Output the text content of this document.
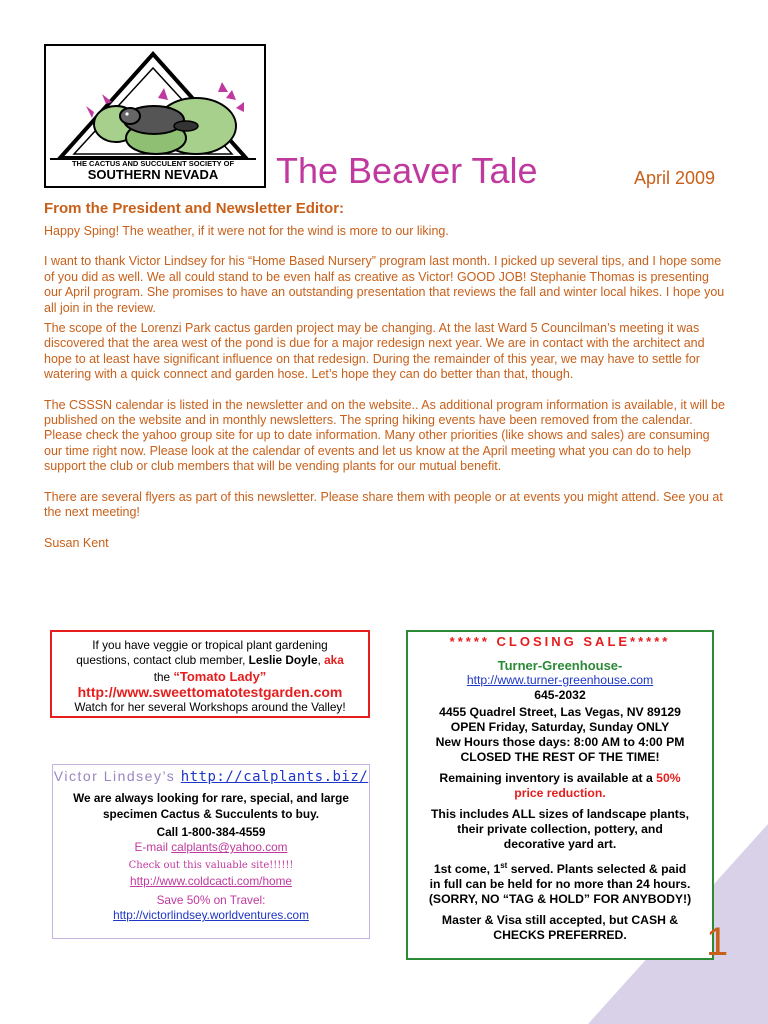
THE CACTUS AND SUCCULENT SOCIETY OF
SOUTHERN NEVADA The Beaver Tale	April 2009
From the President and Newsletter Editor:

Happy Sping! The weather, if it were not for the wind is more to our liking.

I want to thank Victor Lindsey for his “Home Based Nursery” program last month. I picked up several tips, and I hope some of you did as well. We all could stand to be even half as creative as Victor! GOOD JOB! Stephanie Thomas is presenting our April program. She promises to have an outstanding presentation that reviews the fall and winter local hikes. I hope you all join in the review.

The scope of the Lorenzi Park cactus garden project may be changing. At the last Ward 5 Councilman’s meeting it was discovered that the area west of the pond is due for a major redesign next year. We are in contact with the architect and hope to at least have significant influence on that redesign. During the remainder of this year, we may have to settle for watering with a quick connect and garden hose. Let’s hope they can do better than that, though.

The CSSSN calendar is listed in the newsletter and on the website.. As additional program information is available, it will be published on the website and in monthly newsletters. The spring hiking events have been removed from the calendar. Please check the yahoo group site for up to date information. Many other priorities (like shows and sales) are consuming our time right now. Please look at the calendar of events and let us know at the April meeting what you can do to help support the club or club members that will be vending plants for our mutual benefit.

There are several flyers as part of this newsletter. Please share them with people or at events you might attend. See you at the next meeting!

Susan Kent

If you have veggie or tropical plant gardening
questions, contact club member, Leslie Doyle, aka
the “Tomato Lady”
http://www.sweettomatotestgarden.com
Watch for her several Workshops around the Valley!
Victor Lindsey’s http://calplants.biz/
We are always looking for rare, special, and large
specimen Cactus & Succulents to buy.
Call 1-800-384-4559
E-mail calplants@yahoo.com
Check out this valuable site!!!!!!
http://www.coldcacti.com/home
Save 50% on Travel:
http://victorlindsey.worldventures.com
***** CLOSING SALE*****
Turner-Greenhouse-
http://www.turner-greenhouse.com
645-2032
4455 Quadrel Street, Las Vegas, NV 89129
OPEN Friday, Saturday, Sunday ONLY
New Hours those days: 8:00 AM to 4:00 PM
CLOSED THE REST OF THE TIME!
Remaining inventory is available at a 50%
price reduction.
This includes ALL sizes of landscape plants,
their private collection, pottery, and
decorative yard art.
1st come, 1st served. Plants selected & paid
in full can be held for no more than 24 hours.
(SORRY, NO “TAG & HOLD” FOR ANYBODY!)
Master & Visa still accepted, but CASH &
CHECKS PREFERRED.	1
